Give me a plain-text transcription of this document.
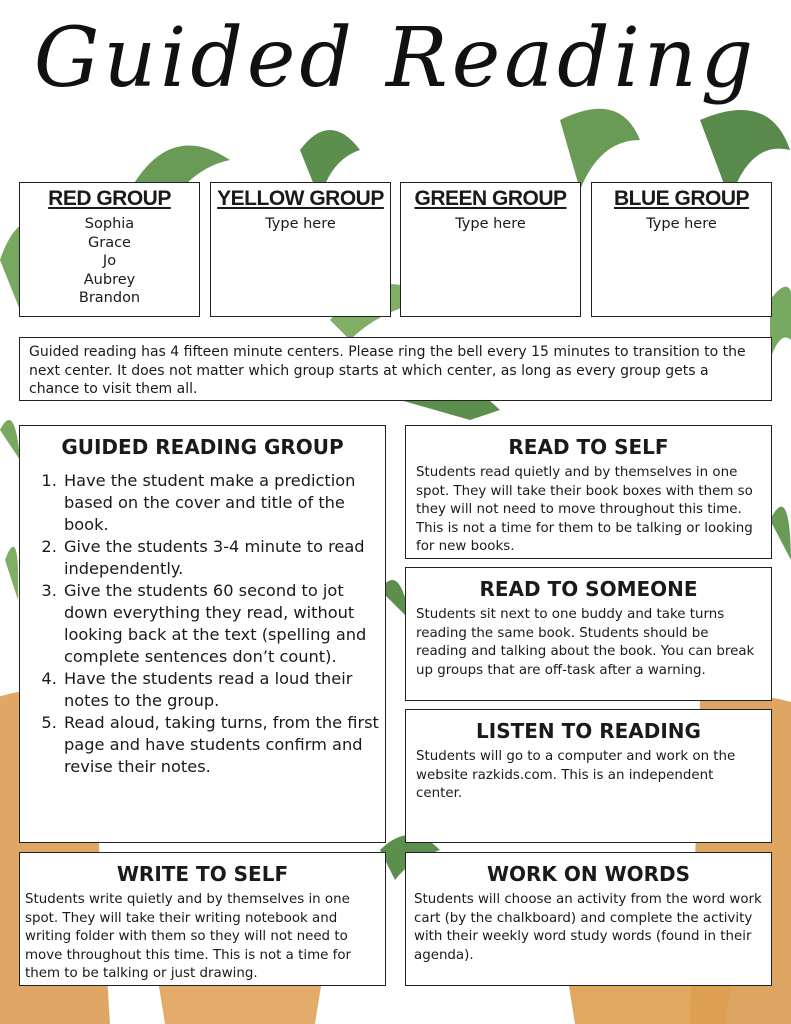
Guided Reading
RED GROUP
Sophia
Grace
Jo
Aubrey
Brandon
YELLOW GROUP
Type here
GREEN GROUP
Type here
BLUE GROUP
Type here
Guided reading has 4 fifteen minute centers. Please ring the bell every 15 minutes to transition to the next center. It does not matter which group starts at which center, as long as every group gets a chance to visit them all.
GUIDED READING GROUP
1. Have the student make a prediction based on the cover and title of the book.
2. Give the students 3-4 minute to read independently.
3. Give the students 60 second to jot down everything they read, without looking back at the text (spelling and complete sentences don’t count).
4. Have the students read a loud their notes to the group.
5. Read aloud, taking turns, from the first page and have students confirm and revise their notes.
READ TO SELF
Students read quietly and by themselves in one spot. They will take their book boxes with them so they will not need to move throughout this time. This is not a time for them to be talking or looking for new books.
READ TO SOMEONE
Students sit next to one buddy and take turns reading the same book. Students should be reading and talking about the book. You can break up groups that are off-task after a warning.
LISTEN TO READING
Students will go to a computer and work on the website razkids.com. This is an independent center.
WRITE TO SELF
Students write quietly and by themselves in one spot. They will take their writing notebook and writing folder with them so they will not need to move throughout this time. This is not a time for them to be talking or just drawing.
WORK ON WORDS
Students will choose an activity from the word work cart (by the chalkboard) and complete the activity with their weekly word study words (found in their agenda).
